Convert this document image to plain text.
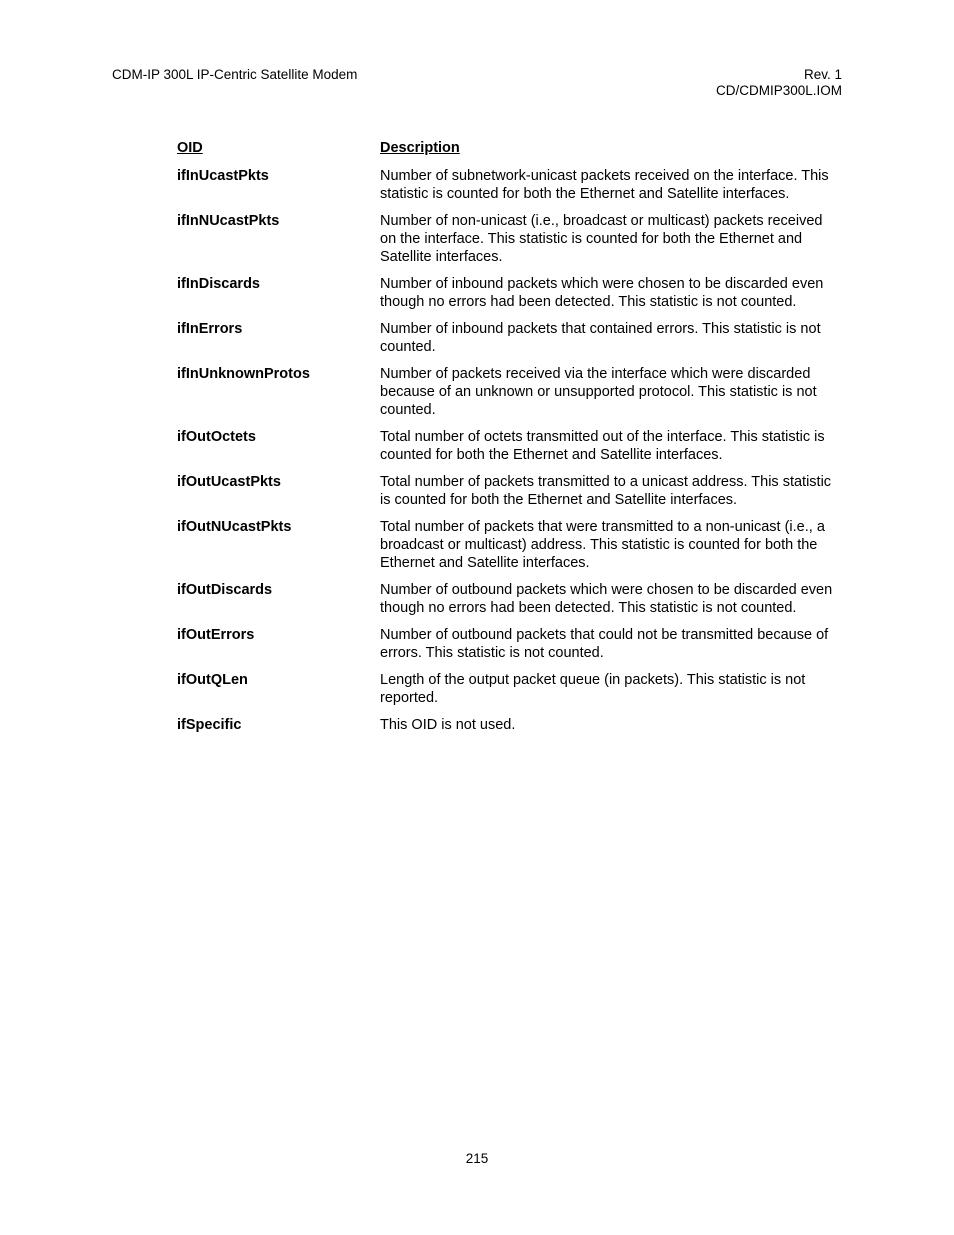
CDM-IP 300L IP-Centric Satellite Modem	Rev. 1
CD/CDMIP300L.IOM
OID	Description
ifInUcastPkts	Number of subnetwork-unicast packets received on the interface. This statistic is counted for both the Ethernet and Satellite interfaces.
ifInNUcastPkts	Number of non-unicast (i.e., broadcast or multicast) packets received on the interface. This statistic is counted for both the Ethernet and Satellite interfaces.
ifInDiscards	Number of inbound packets which were chosen to be discarded even though no errors had been detected. This statistic is not counted.
ifInErrors	Number of inbound packets that contained errors. This statistic is not counted.
ifInUnknownProtos	Number of packets received via the interface which were discarded because of an unknown or unsupported protocol. This statistic is not counted.
ifOutOctets	Total number of octets transmitted out of the interface. This statistic is counted for both the Ethernet and Satellite interfaces.
ifOutUcastPkts	Total number of packets transmitted to a unicast address. This statistic is counted for both the Ethernet and Satellite interfaces.
ifOutNUcastPkts	Total number of packets that were transmitted to a non-unicast (i.e., a broadcast or multicast) address. This statistic is counted for both the Ethernet and Satellite interfaces.
ifOutDiscards	Number of outbound packets which were chosen to be discarded even though no errors had been detected. This statistic is not counted.
ifOutErrors	Number of outbound packets that could not be transmitted because of errors. This statistic is not counted.
ifOutQLen	Length of the output packet queue (in packets). This statistic is not reported.
ifSpecific	This OID is not used.
215
